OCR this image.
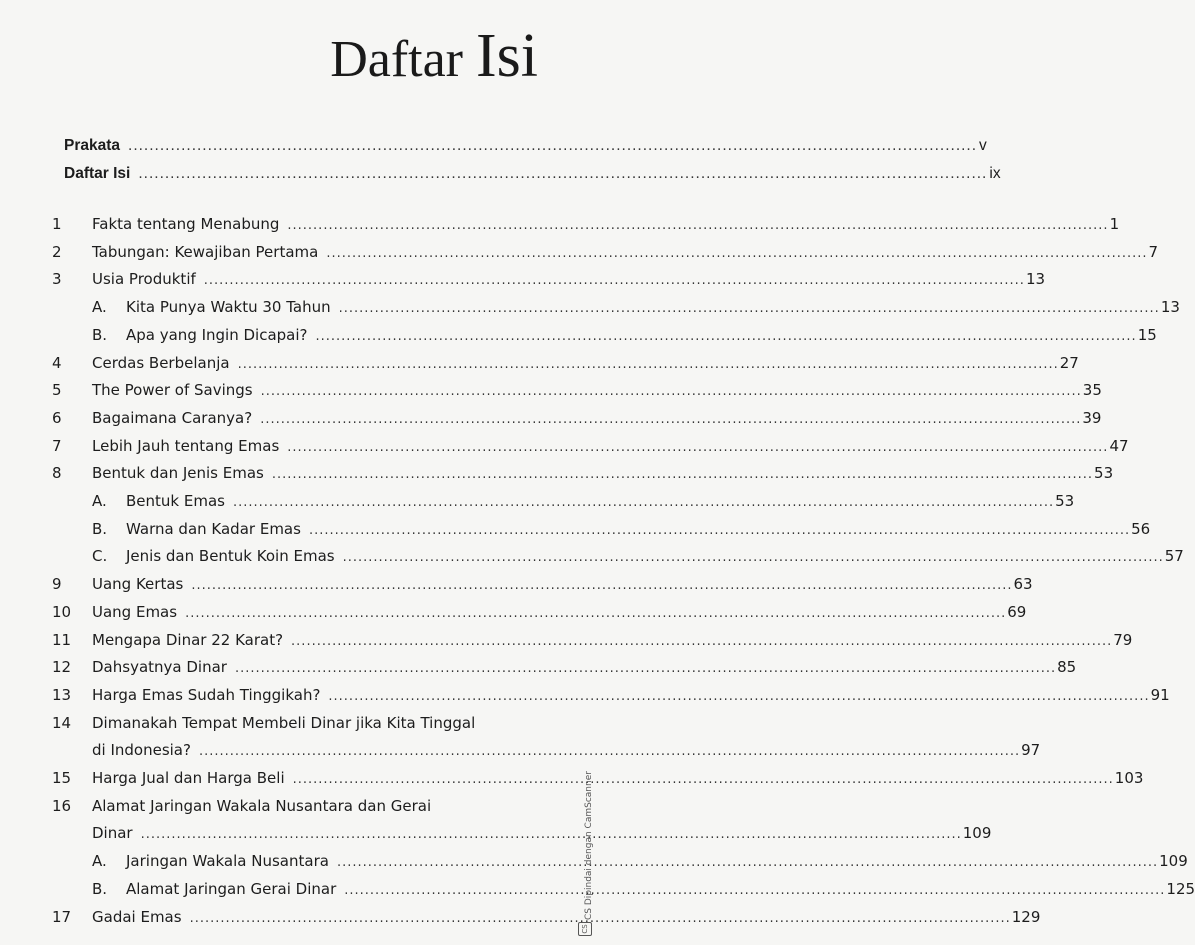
Daftar Isi
Prakata ................................................................................................................................................................ v
Daftar Isi ................................................................................................................................................................ ix
1	Fakta tentang Menabung ................................................................................................................................................................ 1
2	Tabungan: Kewajiban Pertama ................................................................................................................................................................ 7
3	Usia Produktif ................................................................................................................................................................ 13
A. Kita Punya Waktu 30 Tahun ................................................................................................................................................................ 13
B. Apa yang Ingin Dicapai? ................................................................................................................................................................ 15
4	Cerdas Berbelanja ................................................................................................................................................................ 27
5	The Power of Savings ................................................................................................................................................................ 35
6	Bagaimana Caranya? ................................................................................................................................................................ 39
7	Lebih Jauh tentang Emas ................................................................................................................................................................ 47
8	Bentuk dan Jenis Emas ................................................................................................................................................................ 53
A. Bentuk Emas ................................................................................................................................................................ 53
B. Warna dan Kadar Emas ................................................................................................................................................................ 56
C. Jenis dan Bentuk Koin Emas ................................................................................................................................................................ 57
9	Uang Kertas ................................................................................................................................................................ 63
10	Uang Emas ................................................................................................................................................................ 69
11	Mengapa Dinar 22 Karat? ................................................................................................................................................................ 79
12	Dahsyatnya Dinar ................................................................................................................................................................ 85
13	Harga Emas Sudah Tinggikah? ................................................................................................................................................................ 91
14	Dimanakah Tempat Membeli Dinar jika Kita Tinggal
di Indonesia? ................................................................................................................................................................ 97
15	Harga Jual dan Harga Beli ................................................................................................................................................................ 103
16	Alamat Jaringan Wakala Nusantara dan Gerai
Dinar ................................................................................................................................................................ 109
A. Jaringan Wakala Nusantara ................................................................................................................................................................ 109
B. Alamat Jaringan Gerai Dinar ................................................................................................................................................................ 125
17	Gadai Emas ................................................................................................................................................................ 129
CS
CS Dipindai dengan CamScanner
